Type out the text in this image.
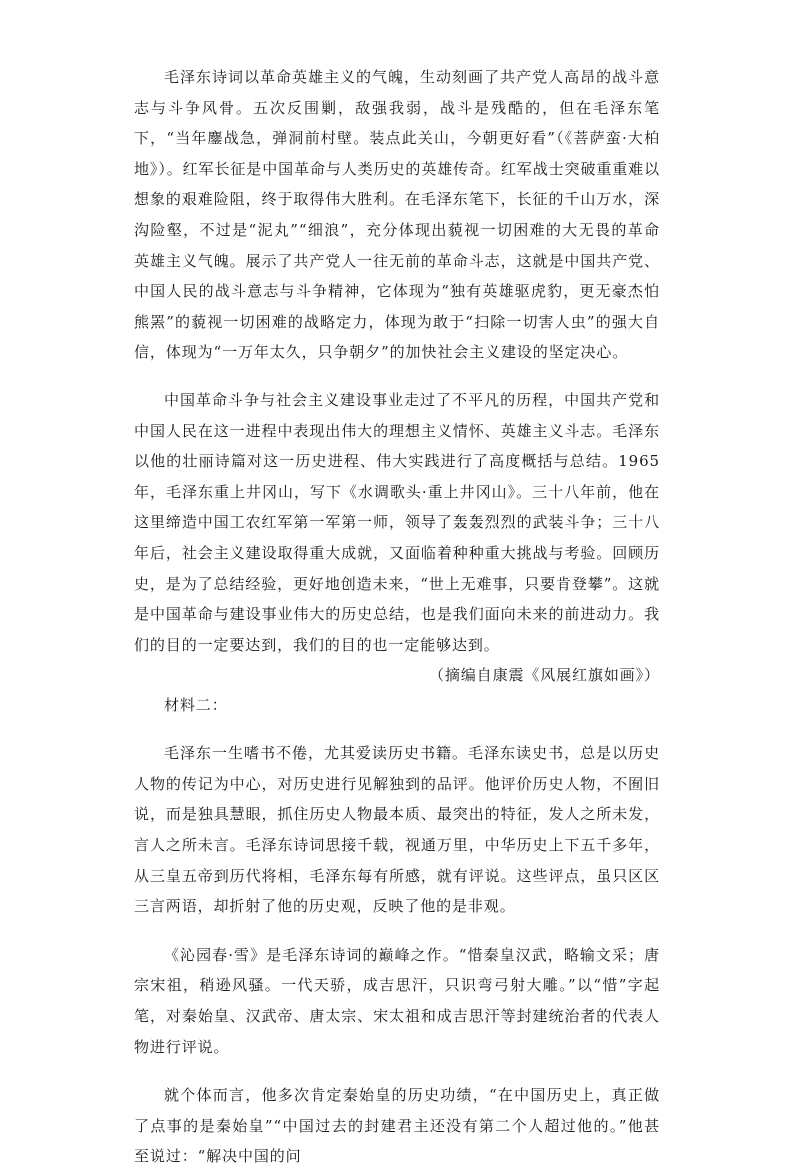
毛泽东诗词以革命英雄主义的气魄，生动刻画了共产党人高昂的战斗意志与斗争风骨。五次反围剿，敌强我弱，战斗是残酷的，但在毛泽东笔下，“当年鏖战急，弹洞前村壁。装点此关山，今朝更好看”（《菩萨蛮·大柏地》）。红军长征是中国革命与人类历史的英雄传奇。红军战士突破重重难以想象的艰难险阻，终于取得伟大胜利。在毛泽东笔下，长征的千山万水，深沟险壑，不过是“泥丸”“细浪”，充分体现出藐视一切困难的大无畏的革命英雄主义气魄。展示了共产党人一往无前的革命斗志，这就是中国共产党、中国人民的战斗意志与斗争精神，它体现为“独有英雄驱虎豹，更无豪杰怕熊罴”的藐视一切困难的战略定力，体现为敢于“扫除一切害人虫”的强大自信，体现为“一万年太久，只争朝夕”的加快社会主义建设的坚定决心。

中国革命斗争与社会主义建设事业走过了不平凡的历程，中国共产党和中国人民在这一进程中表现出伟大的理想主义情怀、英雄主义斗志。毛泽东以他的壮丽诗篇对这一历史进程、伟大实践进行了高度概括与总结。1965年，毛泽东重上井冈山，写下《水调歌头·重上井冈山》。三十八年前，他在这里缔造中国工农红军第一军第一师，领导了轰轰烈烈的武装斗争；三十八年后，社会主义建设取得重大成就，又面临着种种重大挑战与考验。回顾历史，是为了总结经验，更好地创造未来，“世上无难事，只要肯登攀”。这就是中国革命与建设事业伟大的历史总结，也是我们面向未来的前进动力。我们的目的一定要达到，我们的目的也一定能够达到。

（摘编自康震《风展红旗如画》）

材料二：

毛泽东一生嗜书不倦，尤其爱读历史书籍。毛泽东读史书，总是以历史人物的传记为中心，对历史进行见解独到的品评。他评价历史人物，不囿旧说，而是独具慧眼，抓住历史人物最本质、最突出的特征，发人之所未发，言人之所未言。毛泽东诗词思接千载，视通万里，中华历史上下五千多年，从三皇五帝到历代将相，毛泽东每有所感，就有评说。这些评点，虽只区区三言两语，却折射了他的历史观，反映了他的是非观。

《沁园春·雪》是毛泽东诗词的巅峰之作。“惜秦皇汉武，略输文采；唐宗宋祖，稍逊风骚。一代天骄，成吉思汗，只识弯弓射大雕。”以“惜”字起笔，对秦始皇、汉武帝、唐太宗、宋太祖和成吉思汗等封建统治者的代表人物进行评说。

就个体而言，他多次肯定秦始皇的历史功绩，“在中国历史上，真正做了点事的是秦始皇”“中国过去的封建君主还没有第二个人超过他的。”他甚至说过：“解决中国的问
